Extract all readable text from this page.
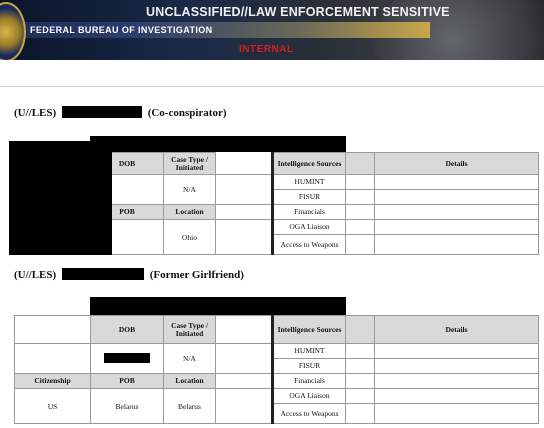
UNCLASSIFIED//LAW ENFORCEMENT SENSITIVE
FEDERAL BUREAU OF INVESTIGATION
INTERNAL
(U//LES)	(Co-conspirator)
	DOB	Case Type / Initiated		Intelligence Sources		Details
		N/A		HUMINT		
				FISUR		
	POB	Location		Financials		
		Ohio		OGA Liaison		
				Access to Weapons		
(U//LES)	(Former Girlfriend)
	DOB	Case Type / Initiated		Intelligence Sources		Details
		N/A		HUMINT		
				FISUR		
Citizenship	POB	Location		Financials		
US	Belarus	Belarus		OGA Liaison		
				Access to Weapons		
